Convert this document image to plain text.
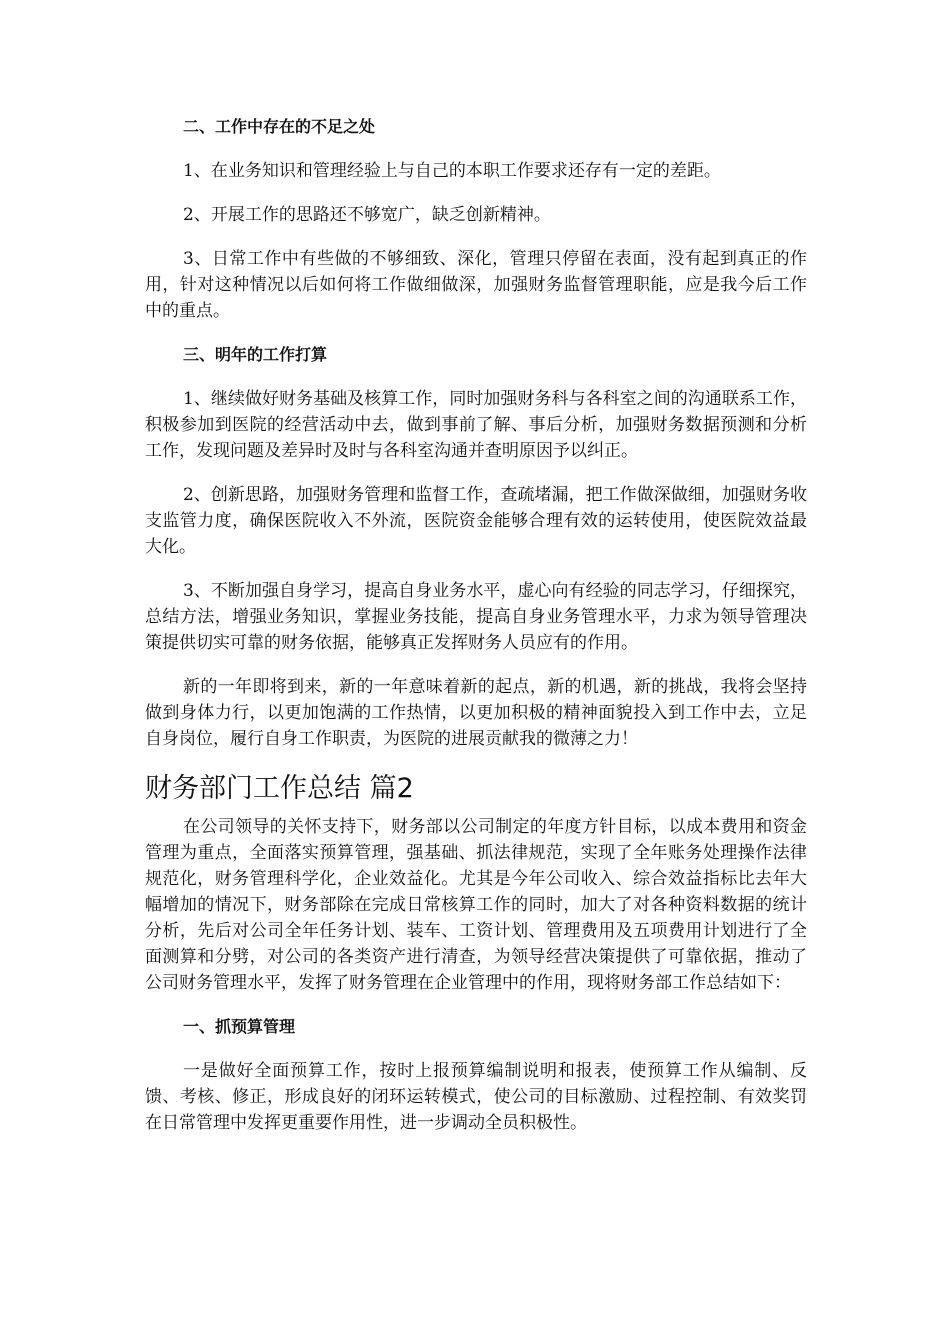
二、工作中存在的不足之处

1、在业务知识和管理经验上与自己的本职工作要求还存有一定的差距。

2、开展工作的思路还不够宽广，缺乏创新精神。

3、日常工作中有些做的不够细致、深化，管理只停留在表面，没有起到真正的作用，针对这种情况以后如何将工作做细做深，加强财务监督管理职能，应是我今后工作中的重点。

三、明年的工作打算

1、继续做好财务基础及核算工作，同时加强财务科与各科室之间的沟通联系工作，积极参加到医院的经营活动中去，做到事前了解、事后分析，加强财务数据预测和分析工作，发现问题及差异时及时与各科室沟通并查明原因予以纠正。

2、创新思路，加强财务管理和监督工作，查疏堵漏，把工作做深做细，加强财务收支监管力度，确保医院收入不外流，医院资金能够合理有效的运转使用，使医院效益最大化。

3、不断加强自身学习，提高自身业务水平，虚心向有经验的同志学习，仔细探究，总结方法，增强业务知识，掌握业务技能，提高自身业务管理水平，力求为领导管理决策提供切实可靠的财务依据，能够真正发挥财务人员应有的作用。

新的一年即将到来，新的一年意味着新的起点，新的机遇，新的挑战，我将会坚持做到身体力行，以更加饱满的工作热情，以更加积极的精神面貌投入到工作中去，立足自身岗位，履行自身工作职责，为医院的进展贡献我的微薄之力！

财务部门工作总结 篇2

在公司领导的关怀支持下，财务部以公司制定的年度方针目标，以成本费用和资金管理为重点，全面落实预算管理，强基础、抓法律规范，实现了全年账务处理操作法律规范化，财务管理科学化，企业效益化。尤其是今年公司收入、综合效益指标比去年大幅增加的情况下，财务部除在完成日常核算工作的同时，加大了对各种资料数据的统计分析，先后对公司全年任务计划、装车、工资计划、管理费用及五项费用计划进行了全面测算和分劈，对公司的各类资产进行清查，为领导经营决策提供了可靠依据，推动了公司财务管理水平，发挥了财务管理在企业管理中的作用，现将财务部工作总结如下：

一、抓预算管理

一是做好全面预算工作，按时上报预算编制说明和报表，使预算工作从编制、反馈、考核、修正，形成良好的闭环运转模式，使公司的目标激励、过程控制、有效奖罚在日常管理中发挥更重要作用性，进一步调动全员积极性。
